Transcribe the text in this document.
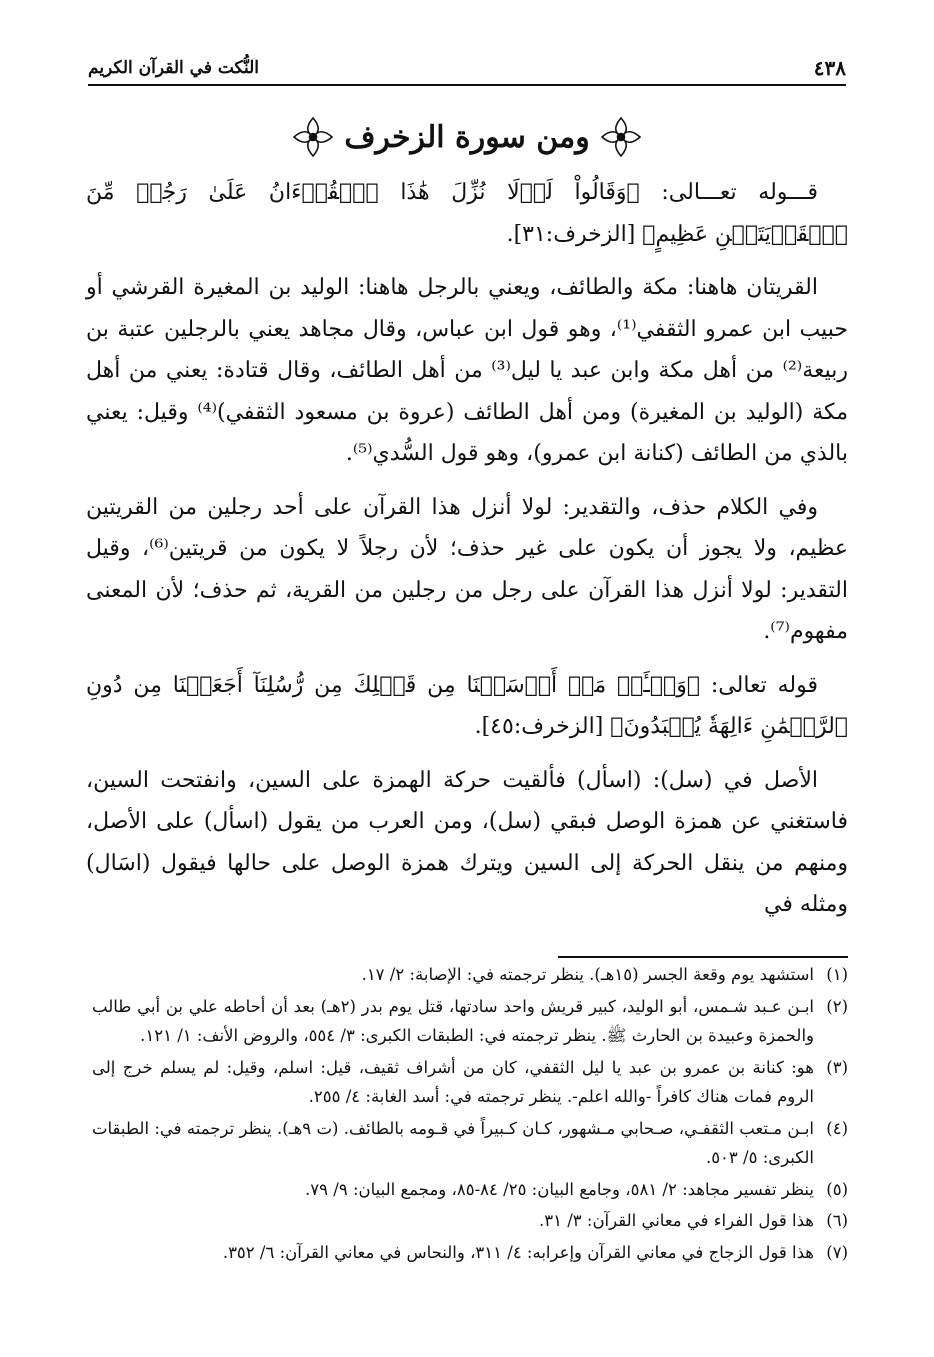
٤٣٨
النُّكت في القرآن الكريم
ومن سورة الزخرف

قـــوله تعـــالى: ﴿وَقَالُواْ لَوۡلَا نُزِّلَ هَٰذَا ٱلۡقُرۡءَانُ عَلَىٰ رَجُلٖ مِّنَ ٱلۡقَرۡيَتَيۡنِ عَظِيمٍ﴾ [الزخرف:٣١].

القريتان هاهنا: مكة والطائف، ويعني بالرجل هاهنا: الوليد بن المغيرة القرشي أو حبيب ابن عمرو الثقفي⁽¹⁾، وهو قول ابن عباس، وقال مجاهد يعني بالرجلين عتبة بن ربيعة⁽²⁾ من أهل مكة وابن عبد يا ليل⁽³⁾ من أهل الطائف، وقال قتادة: يعني من أهل مكة (الوليد بن المغيرة) ومن أهل الطائف (عروة بن مسعود الثقفي)⁽⁴⁾ وقيل: يعني بالذي من الطائف (كنانة ابن عمرو)، وهو قول السُّدي⁽⁵⁾.

وفي الكلام حذف، والتقدير: لولا أنزل هذا القرآن على أحد رجلين من القريتين عظيم، ولا يجوز أن يكون على غير حذف؛ لأن رجلاً لا يكون من قريتين⁽⁶⁾، وقيل التقدير: لولا أنزل هذا القرآن على رجل من رجلين من القرية، ثم حذف؛ لأن المعنى مفهوم⁽⁷⁾.

قوله تعالى: ﴿وَسۡـَٔلۡ مَنۡ أَرۡسَلۡنَا مِن قَبۡلِكَ مِن رُّسُلِنَآ أَجَعَلۡنَا مِن دُونِ ٱلرَّحۡمَٰنِ ءَالِهَةٗ يُعۡبَدُونَ﴾ [الزخرف:٤٥].

الأصل في (سل): (اسأل) فألقيت حركة الهمزة على السين، وانفتحت السين، فاستغني عن همزة الوصل فبقي (سل)، ومن العرب من يقول (اسأل) على الأصل، ومنهم من ينقل الحركة إلى السين ويترك همزة الوصل على حالها فيقول (اسَال) ومثله في

(١)استشهد يوم وقعة الجسر (١٥هـ). ينظر ترجمته في: الإصابة: ٢/ ١٧.
(٢)ابـن عـبد شـمس، أبو الوليد، كبير قريش واحد سادتها، قتل يوم بدر (٢هـ) بعد أن أحاطه علي بن أبي طالب والحمزة وعبيدة بن الحارث ﷺ. ينظر ترجمته في: الطبقات الكبرى: ٣/ ٥٥٤، والروض الأنف: ١/ ١٢١.
(٣)هو: كنانة بن عمرو بن عبد يا ليل الثقفي، كان من أشراف ثقيف، قيل: اسلم، وقيل: لم يسلم خرج إلى الروم فمات هناك كافراً -والله اعلم-. ينظر ترجمته في: أسد الغابة: ٤/ ٢٥٥.
(٤)ابـن مـتعب الثقفـي، صـحابي مـشهور، كـان كـبيراً في قـومه بالطائف. (ت ٩هـ). ينظر ترجمته في: الطبقات الكبرى: ٥/ ٥٠٣.
(٥)ينظر تفسير مجاهد: ٢/ ٥٨١، وجامع البيان: ٢٥/ ٨٤-٨٥، ومجمع البيان: ٩/ ٧٩.
(٦)هذا قول الفراء في معاني القرآن: ٣/ ٣١.
(٧)هذا قول الزجاج في معاني القرآن وإعرابه: ٤/ ٣١١، والنحاس في معاني القرآن: ٦/ ٣٥٢.
